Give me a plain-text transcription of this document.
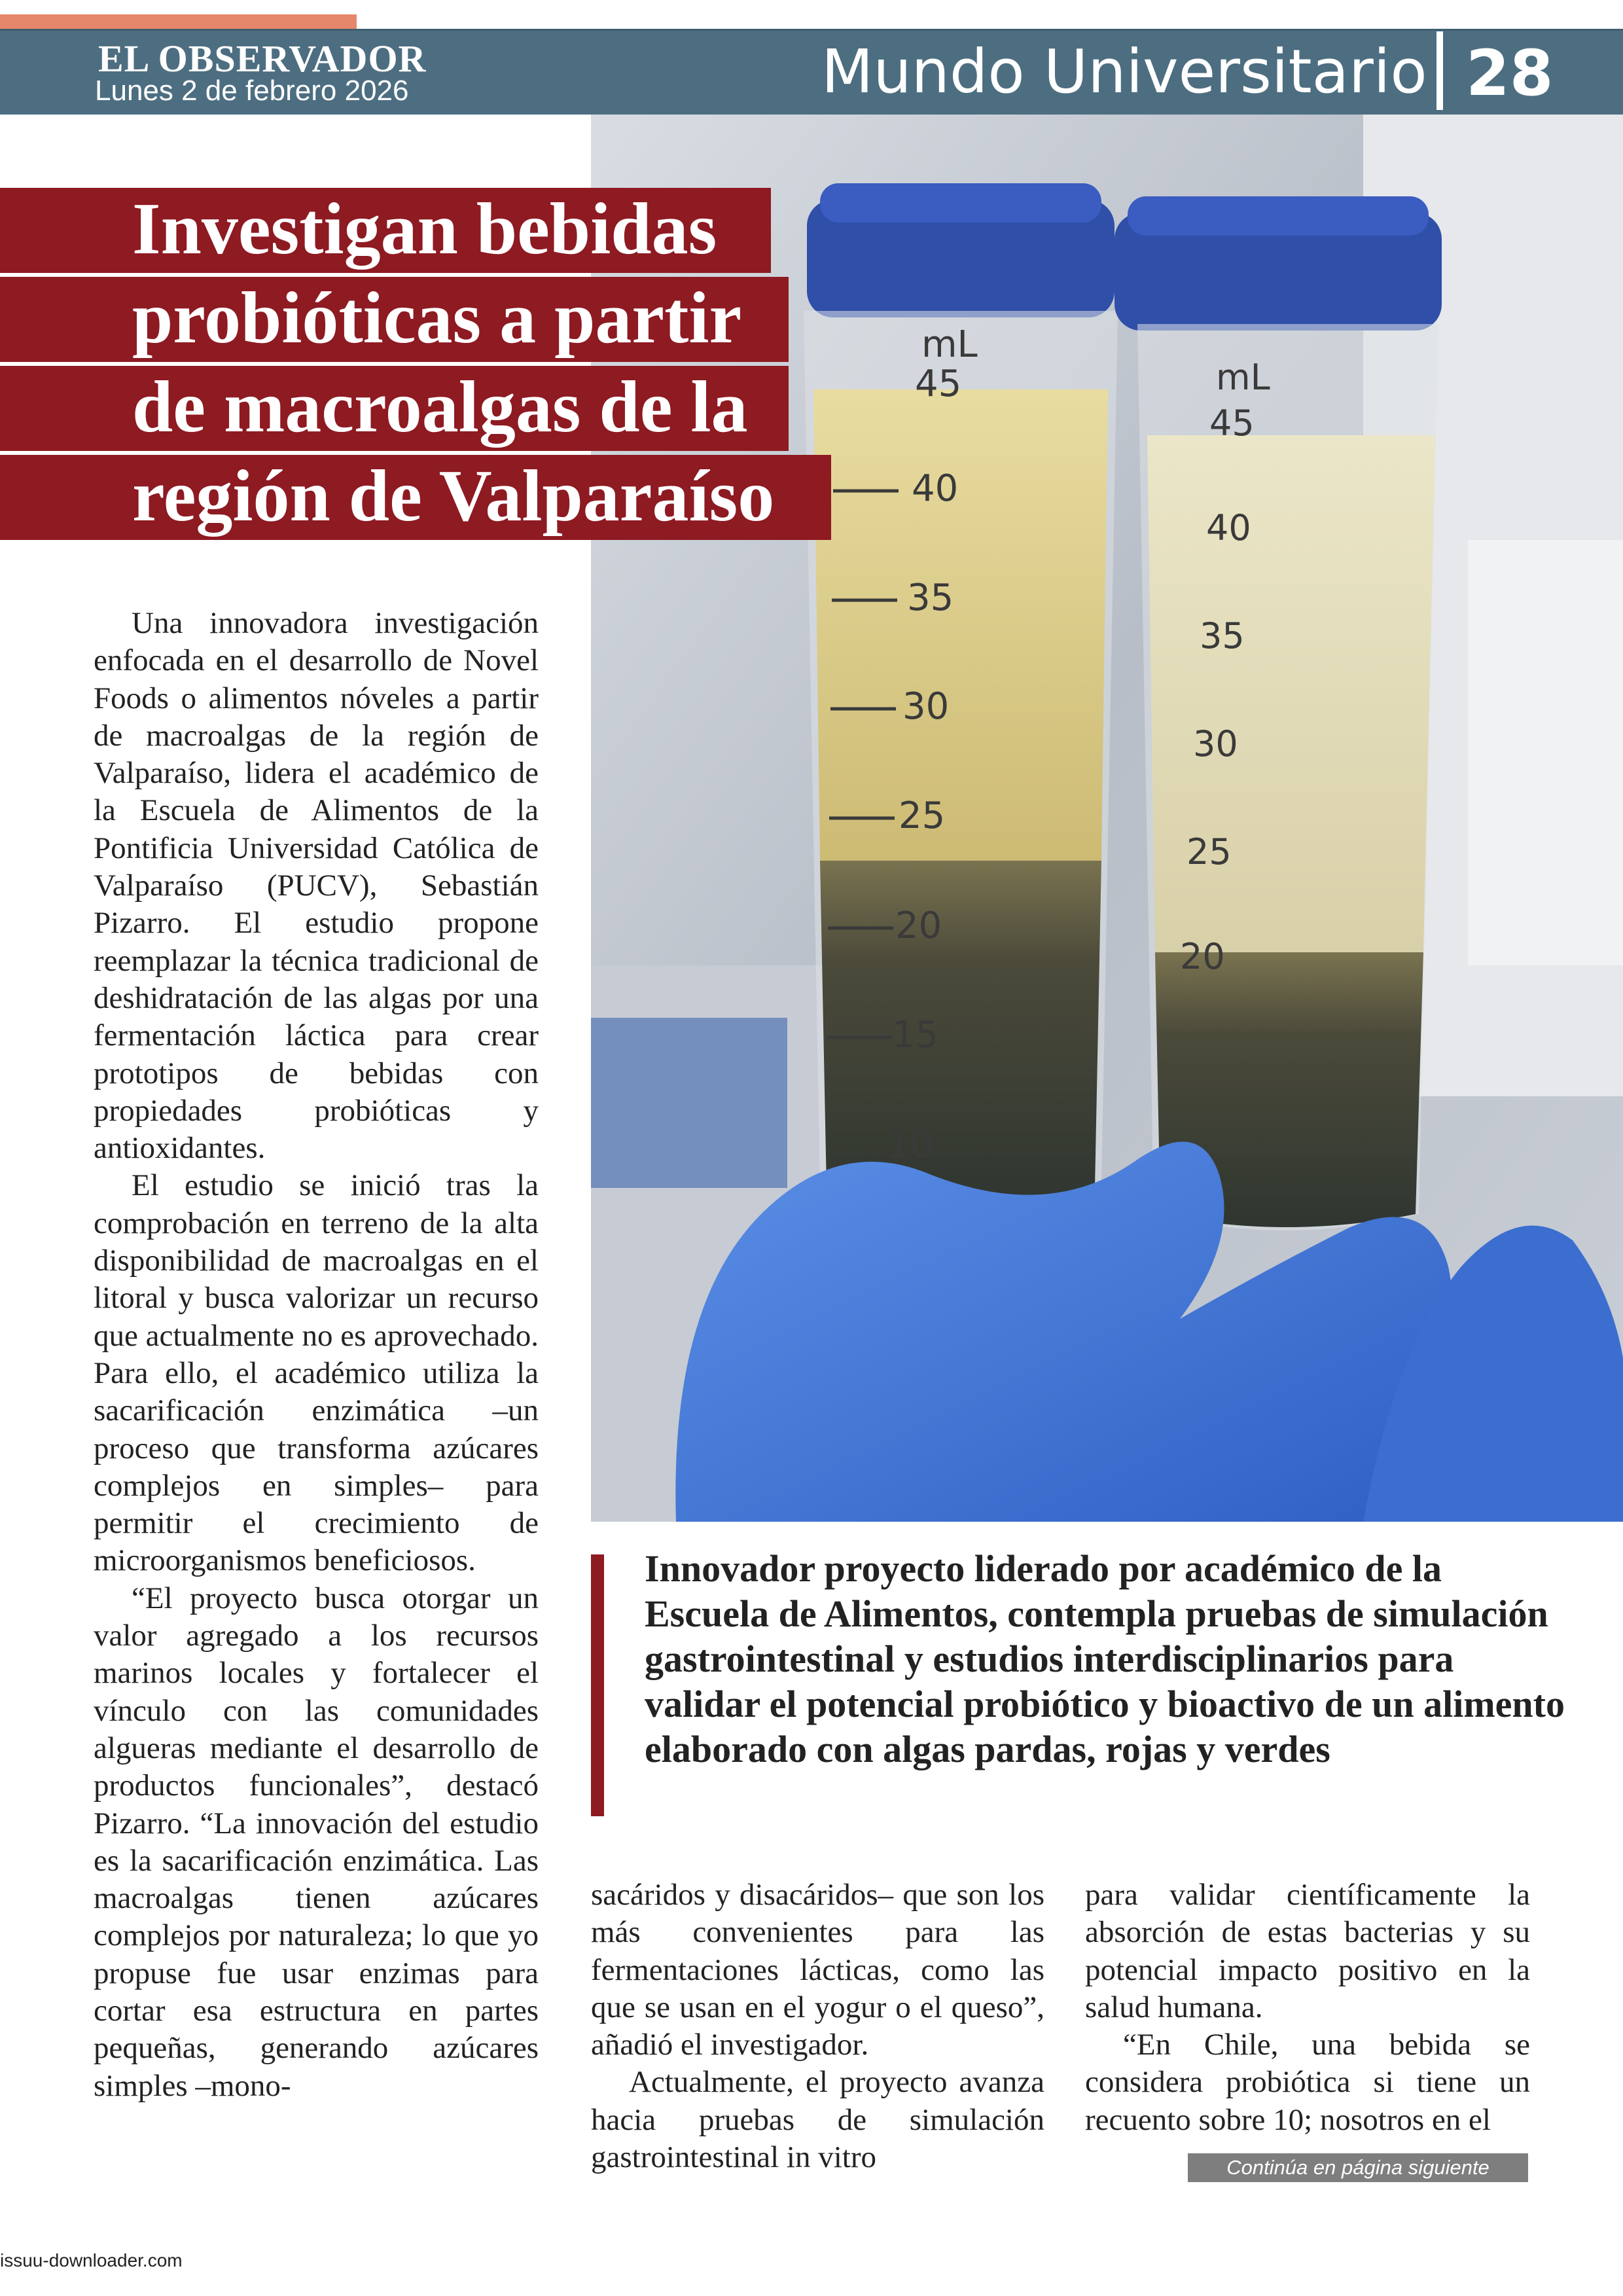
EL OBSERVADOR
Lunes 2 de febrero 2026	Mundo Universitario 28
mL
45
40
35
30
25
20
15
10
mL
45
40
35
30
25
20
Investigan bebidas
probióticas a partir
de macroalgas de la
región de Valparaíso

Una innovadora investigación enfocada en el desarrollo de Novel Foods o alimentos nóveles a partir de macroalgas de la región de Valparaíso, lidera el académico de la Escuela de Alimentos de la Pontificia Universidad Católica de Valparaíso (PUCV), Sebastián Pizarro. El estudio propone reemplazar la técnica tradicional de deshidratación de las algas por una fermentación láctica para crear prototipos de bebidas con propiedades probióticas y antioxidantes.

El estudio se inició tras la comprobación en terreno de la alta disponibilidad de macroalgas en el litoral y busca valorizar un recurso que actualmente no es aprovechado. Para ello, el académico utiliza la sacarificación enzimática –un proceso que transforma azúcares complejos en simples– para permitir el crecimiento de microorganismos beneficiosos.

“El proyecto busca otorgar un valor agregado a los recursos marinos locales y fortalecer el vínculo con las comunidades algueras mediante el desarrollo de productos funcionales”, destacó Pizarro. “La innovación del estudio es la sacarificación enzimática. Las macroalgas tienen azúcares complejos por naturaleza; lo que yo propuse fue usar enzimas para cortar esa estructura en partes pequeñas, generando azúcares simples –mono-

Innovador proyecto liderado por académico de la Escuela de Alimentos, contempla pruebas de simulación gastrointestinal y estudios interdisciplinarios para validar el potencial probiótico y bioactivo de un alimento elaborado con algas pardas, rojas y verdes

sacáridos y disacáridos– que son los más convenientes para las fermentaciones lácticas, como las que se usan en el yogur o el queso”, añadió el investigador.

Actualmente, el proyecto avanza hacia pruebas de simulación gastrointestinal in vitro

para validar científicamente la absorción de estas bacterias y su potencial impacto positivo en la salud humana.

“En Chile, una bebida se considera probiótica si tiene un recuento sobre 10; nosotros en el

Continúa en página siguiente
issuu-downloader.com
